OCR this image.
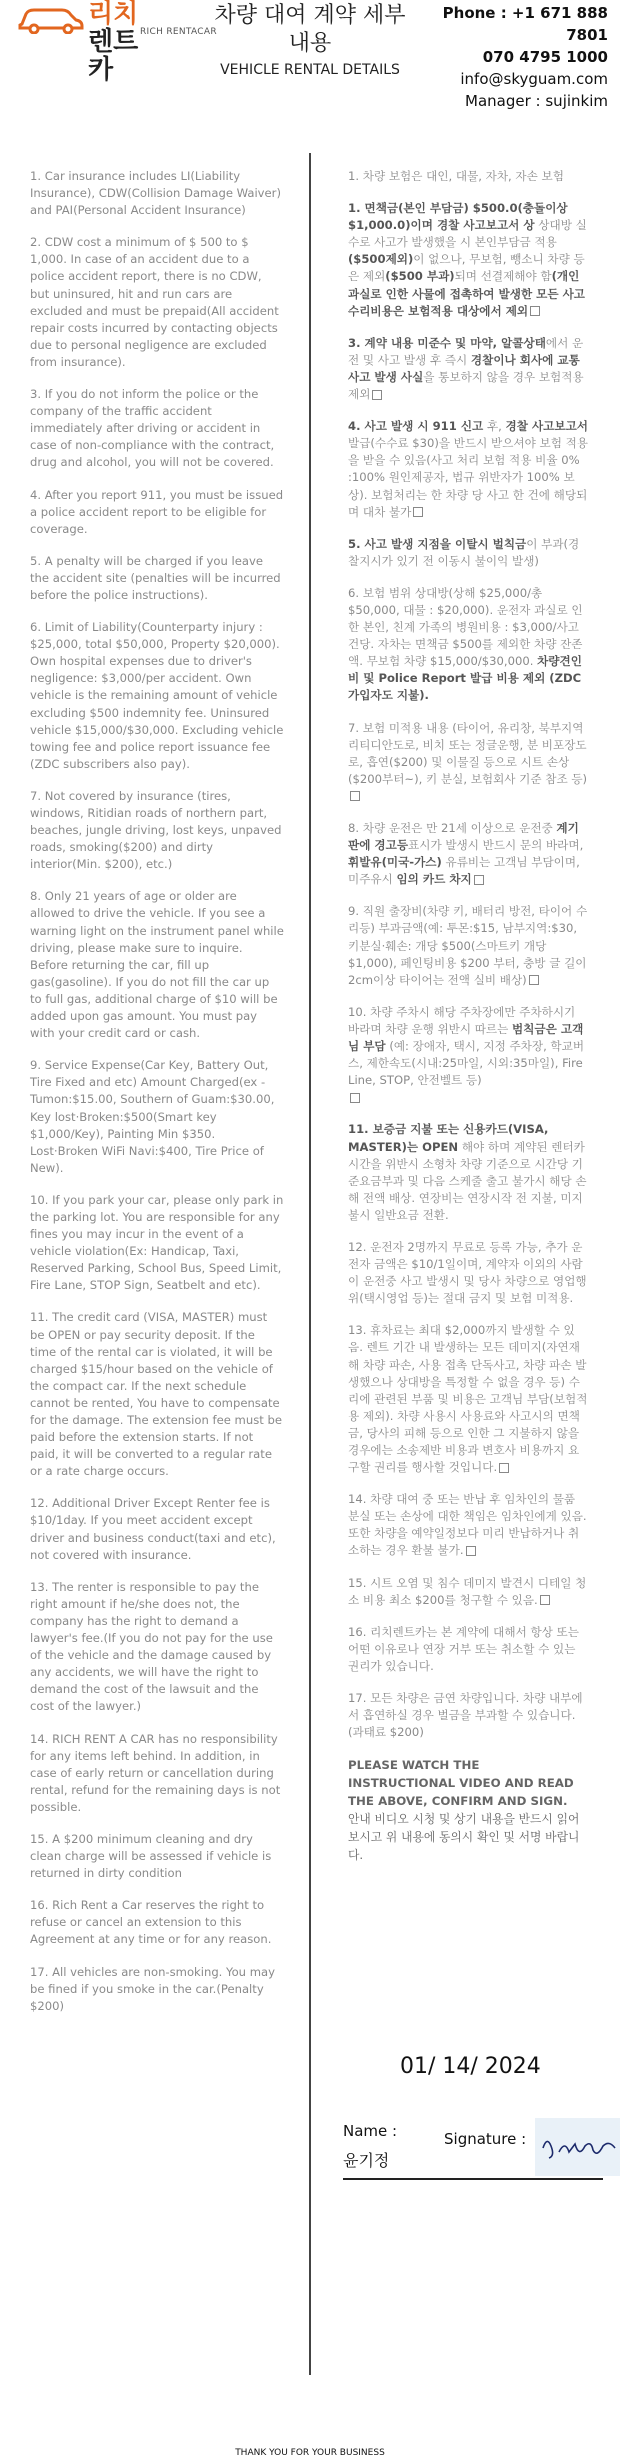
리치렌트카
RICH RENTACAR
차량 대여 계약 세부 내용
VEHICLE RENTAL DETAILS
Phone : +1 671 888 7801
070 4795 1000
info@skyguam.com
Manager : sujinkim

1. Car insurance includes LI(Liability Insurance), CDW(Collision Damage Waiver) and PAI(Personal Accident Insurance)

2. CDW cost a minimum of $ 500 to $ 1,000. In case of an accident due to a police accident report, there is no CDW, but uninsured, hit and run cars are excluded and must be prepaid(All accident repair costs incurred by contacting objects due to personal negligence are excluded from insurance).

3. If you do not inform the police or the company of the traffic accident immediately after driving or accident in case of non-compliance with the contract, drug and alcohol, you will not be covered.

4. After you report 911, you must be issued a police accident report to be eligible for coverage.

5. A penalty will be charged if you leave the accident site (penalties will be incurred before the police instructions).

6. Limit of Liability(Counterparty injury : $25,000, total $50,000, Property $20,000). Own hospital expenses due to driver's negligence: $3,000/per accident. Own vehicle is the remaining amount of vehicle excluding $500 indemnity fee. Uninsured vehicle $15,000/$30,000. Excluding vehicle towing fee and police report issuance fee (ZDC subscribers also pay).

7. Not covered by insurance (tires, windows, Ritidian roads of northern part, beaches, jungle driving, lost keys, unpaved roads, smoking($200) and dirty interior(Min. $200), etc.)

8. Only 21 years of age or older are allowed to drive the vehicle. If you see a warning light on the instrument panel while driving, please make sure to inquire. Before returning the car, fill up gas(gasoline). If you do not fill the car up to full gas, additional charge of $10 will be added upon gas amount. You must pay with your credit card or cash.

9. Service Expense(Car Key, Battery Out, Tire Fixed and etc) Amount Charged(ex - Tumon:$15.00, Southern of Guam:$30.00, Key lost·Broken:$500(Smart key $1,000/Key), Painting Min $350. Lost·Broken WiFi Navi:$400, Tire Price of New).

10. If you park your car, please only park in the parking lot. You are responsible for any fines you may incur in the event of a vehicle violation(Ex: Handicap, Taxi, Reserved Parking, School Bus, Speed Limit, Fire Lane, STOP Sign, Seatbelt and etc).

11. The credit card (VISA, MASTER) must be OPEN or pay security deposit. If the time of the rental car is violated, it will be charged $15/hour based on the vehicle of the compact car. If the next schedule cannot be rented, You have to compensate for the damage. The extension fee must be paid before the extension starts. If not paid, it will be converted to a regular rate or a rate charge occurs.

12. Additional Driver Except Renter fee is $10/1day. If you meet accident except driver and business conduct(taxi and etc), not covered with insurance.

13. The renter is responsible to pay the right amount if he/she does not, the company has the right to demand a lawyer's fee.(If you do not pay for the use of the vehicle and the damage caused by any accidents, we will have the right to demand the cost of the lawsuit and the cost of the lawyer.)

14. RICH RENT A CAR has no responsibility for any items left behind. In addition, in case of early return or cancellation during rental, refund for the remaining days is not possible.

15. A $200 minimum cleaning and dry clean charge will be assessed if vehicle is returned in dirty condition

16. Rich Rent a Car reserves the right to refuse or cancel an extension to this Agreement at any time or for any reason.

17. All vehicles are non-smoking. You may be fined if you smoke in the car.(Penalty $200)

1. 차량 보험은 대인, 대물, 자차, 자손 보험

1. 면책금(본인 부담금) $500.0(충돌이상 $1,000.0)이며 경찰 사고보고서 상 상대방 실수로 사고가 발생했을 시 본인부담금 적용($500제외)이 없으나, 무보험, 뺑소니 차량 등은 제외($500 부과)되며 선결제해야 함(개인 과실로 인한 사물에 접촉하여 발생한 모든 사고 수리비용은 보험적용 대상에서 제외

3. 계약 내용 미준수 및 마약, 알콜상태에서 운전 및 사고 발생 후 즉시 경찰이나 회사에 교통 사고 발생 사실을 통보하지 않을 경우 보험적용 제외

4. 사고 발생 시 911 신고 후, 경찰 사고보고서 발급(수수료 $30)을 반드시 받으셔야 보험 적용을 받을 수 있음(사고 처리 보험 적용 비율 0% :100% 원인제공자, 법규 위반자가 100% 보상). 보험처리는 한 차량 당 사고 한 건에 해당되며 대차 불가

5. 사고 발생 지점을 이탈시 벌칙금이 부과(경찰지시가 있기 전 이동시 불이익 발생)

6. 보험 범위 상대방(상해 $25,000/총 $50,000, 대물 : $20,000). 운전자 과실로 인한 본인, 친계 가족의 병원비용 : $3,000/사고건당. 자차는 면책금 $500를 제외한 차량 잔존액. 무보험 차량 $15,000/$30,000. 차량견인비 및 Police Report 발급 비용 제외 (ZDC 가입자도 지불).

7. 보험 미적용 내용 (타이어, 유리창, 북부지역 리티디안도로, 비치 또는 정글운행, 분 비포장도로, 흡연($200) 및 이물질 등으로 시트 손상 ($200부터~), 키 분실, 보험회사 기준 참조 등)

8. 차량 운전은 만 21세 이상으로 운전중 계기판에 경고등표시가 발생시 반드시 문의 바라며, 휘발유(미국-가스) 유류비는 고객님 부담이며, 미주유시 임의 카드 차지

9. 직원 출장비(차량 키, 배터리 방전, 타이어 수리등) 부과금액(예: 투몬:$15, 남부지역:$30, 키분실·훼손: 개당 $500(스마트키 개당 $1,000), 페인팅비용 $200 부터, 충방 글 길이 2cm이상 타이어는 전액 실비 배상)

10. 차량 주차시 해당 주차장에만 주차하시기 바라며 차량 운행 위반시 따르는 범칙금은 고객님 부담 (예: 장애자, 택시, 지정 주차장, 학교버스, 제한속도(시내:25마일, 시외:35마일), Fire Line, STOP, 안전벨트 등)

11. 보증금 지불 또는 신용카드(VISA, MASTER)는 OPEN 해야 하며 계약된 렌터카 시간을 위반시 소형차 차량 기준으로 시간당 기준요금부과 및 다음 스케줄 출고 불가시 해당 손해 전액 배상. 연장비는 연장시작 전 지불, 미지불시 일반요금 전환.

12. 운전자 2명까지 무료로 등록 가능, 추가 운전자 금액은 $10/1일이며, 계약자 이외의 사람이 운전중 사고 발생시 및 당사 차량으로 영업행위(택시영업 등)는 절대 금지 및 보험 미적용.

13. 휴차료는 최대 $2,000까지 발생할 수 있음. 렌트 기간 내 발생하는 모든 데미지(자연재해 차량 파손, 사용 접촉 단독사고, 차량 파손 발생했으나 상대방을 특정할 수 없을 경우 등) 수리에 관련된 부품 및 비용은 고객님 부담(보험적용 제외). 차량 사용시 사용료와 사고시의 면책금, 당사의 피해 등으로 인한 그 지불하지 않을 경우에는 소송제반 비용과 변호사 비용까지 요구할 권리를 행사할 것입니다.

14. 차량 대여 중 또는 반납 후 임차인의 물품 분실 또는 손상에 대한 책임은 임차인에게 있음. 또한 차량을 예약일정보다 미리 반납하거나 취소하는 경우 환불 불가.

15. 시트 오염 및 침수 데미지 발견시 디테일 청소 비용 최소 $200를 청구할 수 있음.

16. 리치렌트카는 본 계약에 대해서 항상 또는 어떤 이유로나 연장 거부 또는 취소할 수 있는 권리가 있습니다.

17. 모든 차량은 금연 차량입니다. 차량 내부에서 흡연하실 경우 벌금을 부과할 수 있습니다. (과태료 $200)

PLEASE WATCH THE INSTRUCTIONAL VIDEO AND READ THE ABOVE, CONFIRM AND SIGN.
안내 비디오 시청 및 상기 내용을 반드시 읽어보시고 위 내용에 동의시 확인 및 서명 바랍니다.
01/ 14/ 2024
Name :
윤기정
Signature :
THANK YOU FOR YOUR BUSINESS
